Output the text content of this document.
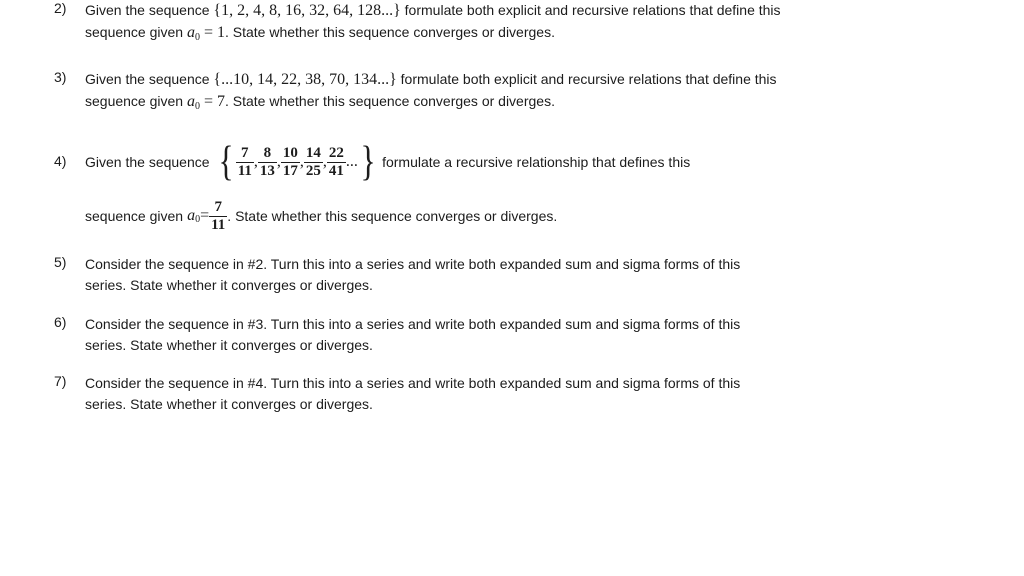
2) Given the sequence {1, 2, 4, 8, 16, 32, 64, 128...} formulate both explicit and recursive relations that define this sequence given $a_0 = 1$. State whether this sequence converges or diverges.
3) Given the sequence {...10, 14, 22, 38, 70, 134...} formulate both explicit and recursive relations that define this seguence given $a_0 = 7$. State whether this sequence converges or diverges.
4) Given the sequence { $\frac{7}{11}$ , $\frac{8}{13}$ , $\frac{10}{17}$ , $\frac{14}{25}$ , $\frac{22}{41}$ ... } formulate a recursive relationship that defines this
sequence given a $0 = \frac{7}{11}$ . State whether this sequence converges or diverges.
5) Consider the sequence in #2. Turn this into a series and write both expanded sum and sigma forms of this series. State whether it converges or diverges.
6) Consider the sequence in #3. Turn this into a series and write both expanded sum and sigma forms of this series. State whether it converges or diverges.
7) Consider the sequence in #4. Turn this into a series and write both expanded sum and sigma forms of this series. State whether it converges or diverges.
